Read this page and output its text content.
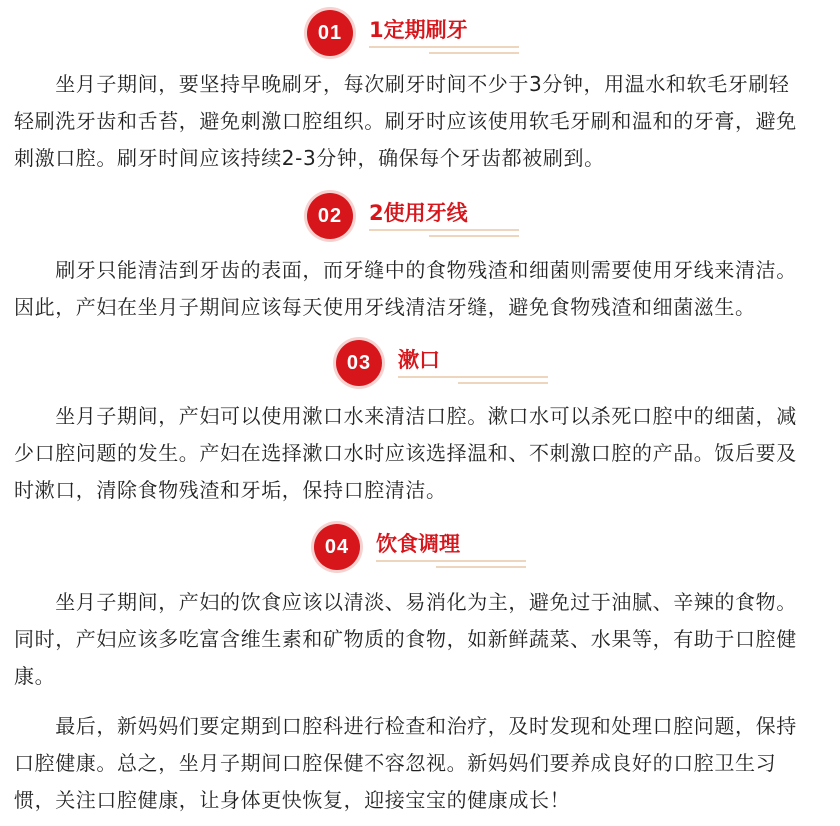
01	1定期刷牙
　　坐月子期间，要坚持早晚刷牙，每次刷牙时间不少于3分钟，用温水和软毛牙刷轻
轻刷洗牙齿和舌苔，避免刺激口腔组织。刷牙时应该使用软毛牙刷和温和的牙膏，避免
刺激口腔。刷牙时间应该持续2-3分钟，确保每个牙齿都被刷到。
02	2使用牙线
　　刷牙只能清洁到牙齿的表面，而牙缝中的食物残渣和细菌则需要使用牙线来清洁。
因此，产妇在坐月子期间应该每天使用牙线清洁牙缝，避免食物残渣和细菌滋生。
03	漱口
　　坐月子期间，产妇可以使用漱口水来清洁口腔。漱口水可以杀死口腔中的细菌，减
少口腔问题的发生。产妇在选择漱口水时应该选择温和、不刺激口腔的产品。饭后要及
时漱口，清除食物残渣和牙垢，保持口腔清洁。
04	饮食调理
　　坐月子期间，产妇的饮食应该以清淡、易消化为主，避免过于油腻、辛辣的食物。
同时，产妇应该多吃富含维生素和矿物质的食物，如新鲜蔬菜、水果等，有助于口腔健
康。
　　最后，新妈妈们要定期到口腔科进行检查和治疗，及时发现和处理口腔问题，保持
口腔健康。总之，坐月子期间口腔保健不容忽视。新妈妈们要养成良好的口腔卫生习
惯，关注口腔健康，让身体更快恢复，迎接宝宝的健康成长！
